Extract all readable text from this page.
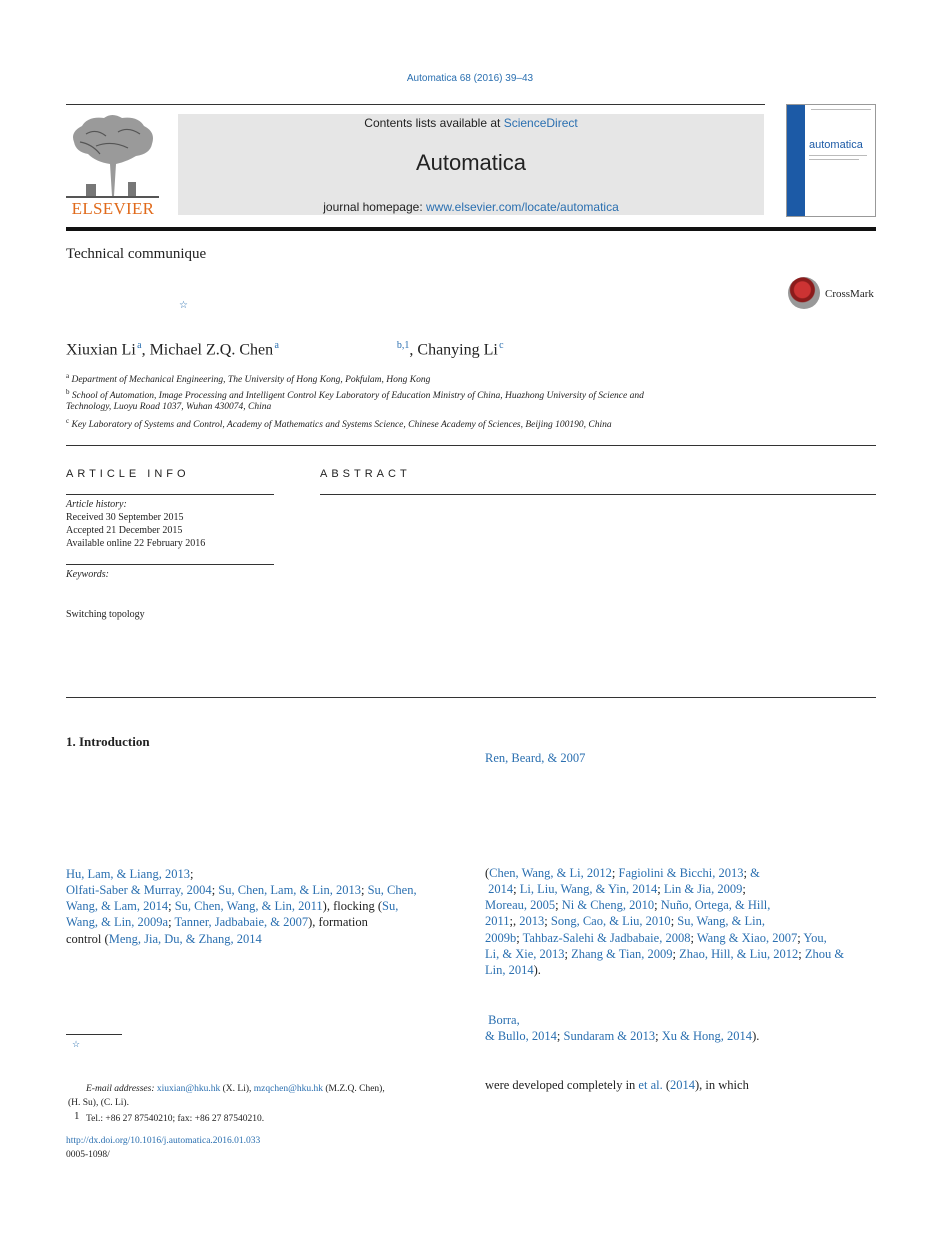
Automatica 68 (2016) 39–43
ELSEVIER
Contents lists available at ScienceDirect
Automatica
journal homepage: www.elsevier.com/locate/automatica
automatica
Technical communique
☆
CrossMark
Xiuxian Li $^a$, Michael Z.Q. Chen $^a$	$^{b,1}$, Chanying Li $^c$
$^a$ Department of Mechanical Engineering, The University of Hong Kong, Pokfulam, Hong Kong
$^b$ School of Automation, Image Processing and Intelligent Control Key Laboratory of Education Ministry of China, Huazhong University of Science and
Technology, Luoyu Road 1037, Wuhan 430074, China
$^c$ Key Laboratory of Systems and Control, Academy of Mathematics and Systems Science, Chinese Academy of Sciences, Beijing 100190, China
ARTICLE INFO	ABSTRACT
Article history:
Received 30 September 2015
Accepted 21 December 2015
Available online 22 February 2016
Keywords:
Switching topology
1. Introduction
Hu, Lam, & Liang, 2013;
Olfati-Saber & Murray, 2004; Su, Chen, Lam, & Lin, 2013; Su, Chen,
Wang, & Lam, 2014; Su, Chen, Wang, & Lin, 2011), flocking (Su,
Wang, & Lin, 2009a; Tanner, Jadbabaie, & 2007), formation
control (Meng, Jia, Du, & Zhang, 2014
Ren, Beard, & 2007
(Chen, Wang, & Li, 2012; Fagiolini & Bicchi, 2013; &
2014; Li, Liu, Wang, & Yin, 2014; Lin & Jia, 2009;
Moreau, 2005; Ni & Cheng, 2010; Nuño, Ortega, & Hill,
2011;, 2013; Song, Cao, & Liu, 2010; Su, Wang, & Lin,
2009b; Tahbaz-Salehi & Jadbabaie, 2008; Wang & Xiao, 2007; You,
Li, & Xie, 2013; Zhang & Tian, 2009; Zhao, Hill, & Liu, 2012; Zhou &
Lin, 2014).
Borra,
& Bullo, 2014; Sundaram & 2013; Xu & Hong, 2014).
were developed completely in et al. (2014), in which
☆
E-mail addresses: xiuxian@hku.hk (X. Li), mzqchen@hku.hk (M.Z.Q. Chen),
(H. Su), (C. Li).
1 Tel.: +86 27 87540210; fax: +86 27 87540210.
http://dx.doi.org/10.1016/j.automatica.2016.01.033
0005-1098/
